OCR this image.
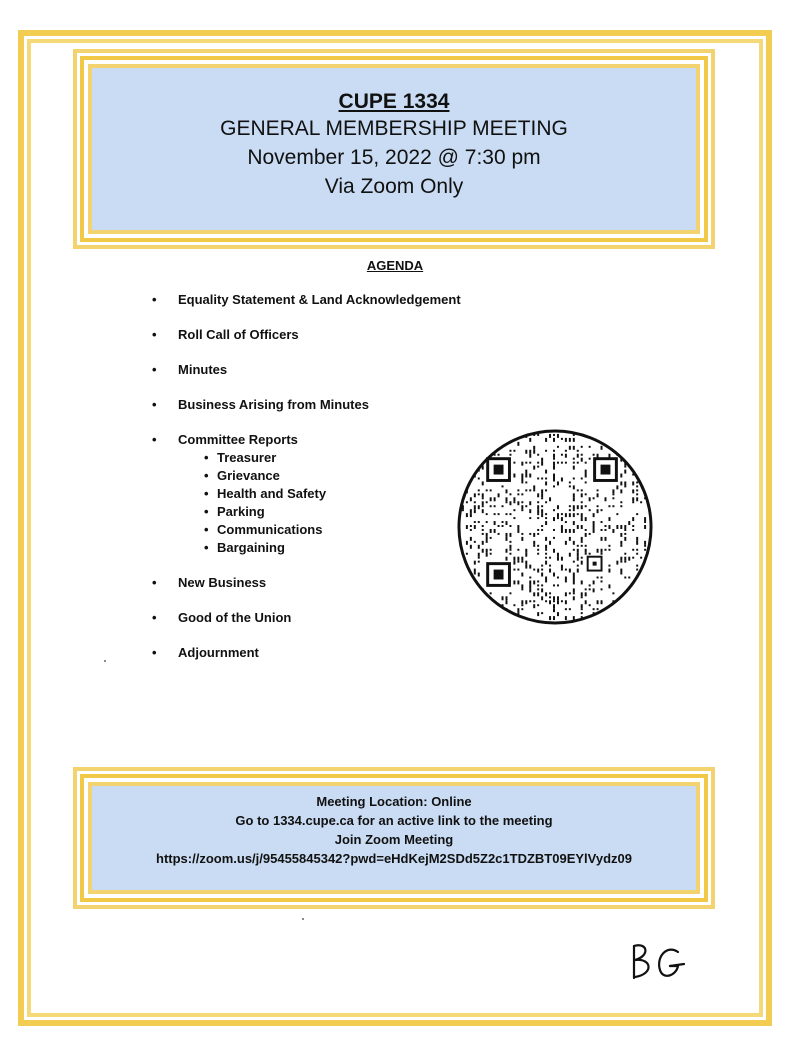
CUPE 1334
GENERAL MEMBERSHIP MEETING
November 15, 2022 @ 7:30 pm
Via Zoom Only
AGENDA
• Equality Statement & Land Acknowledgement
• Roll Call of Officers
• Minutes
• Business Arising from Minutes
• Committee Reports
• Treasurer
• Grievance
• Health and Safety
• Parking
• Communications
• Bargaining
• New Business
• Good of the Union
• Adjournment
Meeting Location: Online
Go to 1334.cupe.ca for an active link to the meeting
Join Zoom Meeting
https://zoom.us/j/95455845342?pwd=eHdKejM2SDd5Z2c1TDZBT09EYlVydz09
